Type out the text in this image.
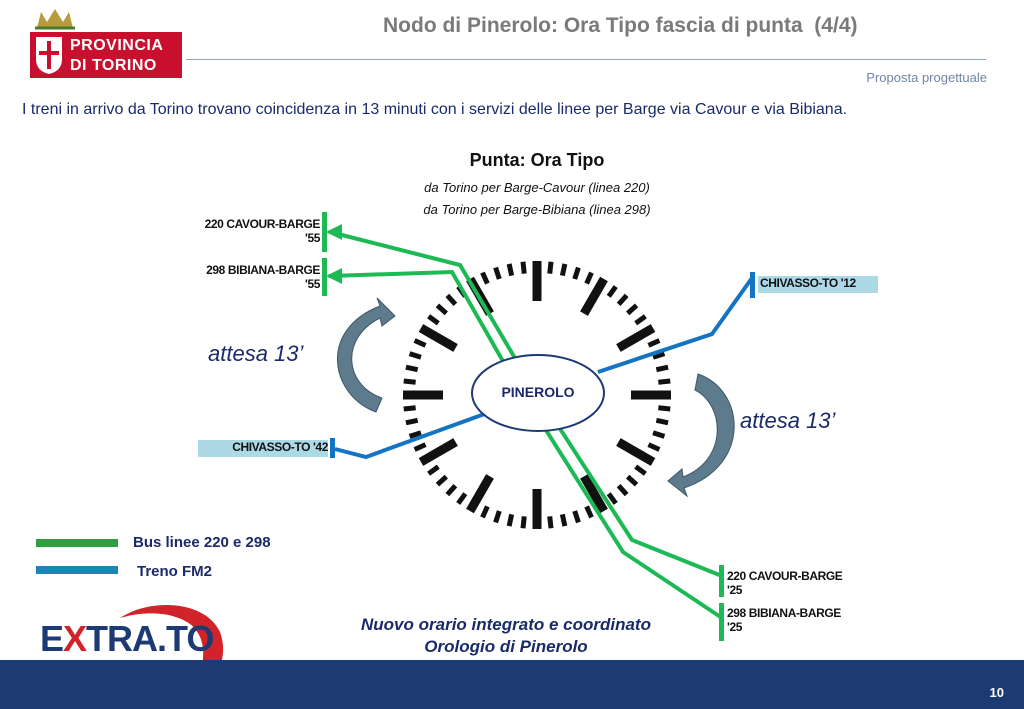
PROVINCIA
DI TORINO
Nodo di Pinerolo: Ora Tipo fascia di punta  (4/4)
Proposta progettuale
I treni in arrivo da Torino trovano coincidenza in 13 minuti con i servizi delle linee per Barge via Cavour e via Bibiana.
220 CAVOUR-BARGE
'55
298 BIBIANA-BARGE
'55	CHIVASSO-TO '12
CHIVASSO-TO '42
220 CAVOUR-BARGE
'25
298 BIBIANA-BARGE
'25
Punta: Ora Tipo
da Torino per Barge-Cavour (linea 220)
da Torino per Barge-Bibiana (linea 298)
attesa 13’
attesa 13’
PINEROLO
Bus linee 220 e 298
Treno FM2
Nuovo orario integrato e coordinato
Orologio di Pinerolo
10
EXTRA.TO
